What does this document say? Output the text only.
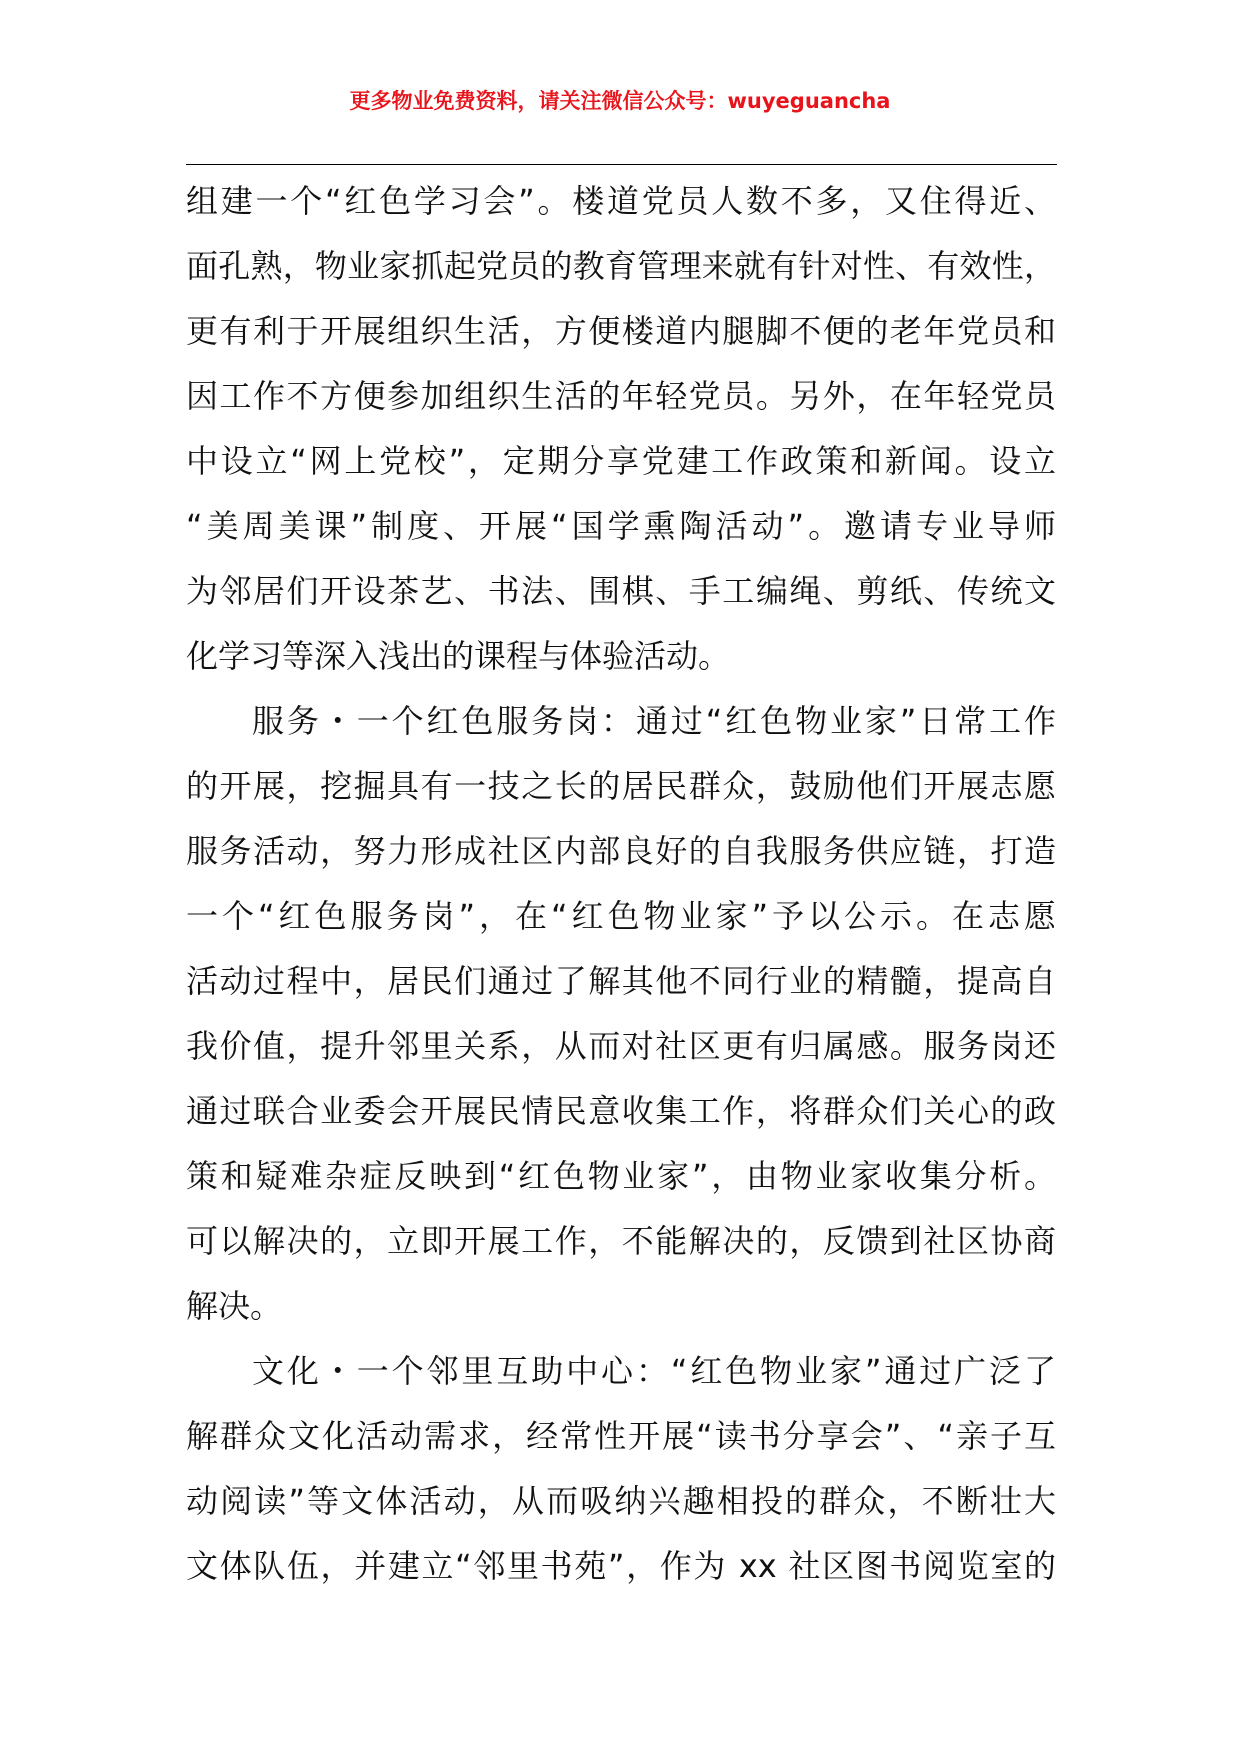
更多物业免费资料，请关注微信公众号：wuyeguancha
组建一个“红色学习会”。楼道党员人数不多，又住得近、
面孔熟，物业家抓起党员的教育管理来就有针对性、有效性，
更有利于开展组织生活，方便楼道内腿脚不便的老年党员和
因工作不方便参加组织生活的年轻党员。另外，在年轻党员
中设立“网上党校”，定期分享党建工作政策和新闻。设立
“美周美课”制度、开展“国学熏陶活动”。邀请专业导师
为邻居们开设茶艺、书法、围棋、手工编绳、剪纸、传统文
化学习等深入浅出的课程与体验活动。
服务・一个红色服务岗：通过“红色物业家”日常工作
的开展，挖掘具有一技之长的居民群众，鼓励他们开展志愿
服务活动，努力形成社区内部良好的自我服务供应链，打造
一个“红色服务岗”，在“红色物业家”予以公示。在志愿
活动过程中，居民们通过了解其他不同行业的精髓，提高自
我价值，提升邻里关系，从而对社区更有归属感。服务岗还
通过联合业委会开展民情民意收集工作，将群众们关心的政
策和疑难杂症反映到“红色物业家”，由物业家收集分析。
可以解决的，立即开展工作，不能解决的，反馈到社区协商
解决。
文化・一个邻里互助中心：“红色物业家”通过广泛了
解群众文化活动需求，经常性开展“读书分享会”、“亲子互
动阅读”等文体活动，从而吸纳兴趣相投的群众，不断壮大
文体队伍，并建立“邻里书苑”，作为 xx 社区图书阅览室的
